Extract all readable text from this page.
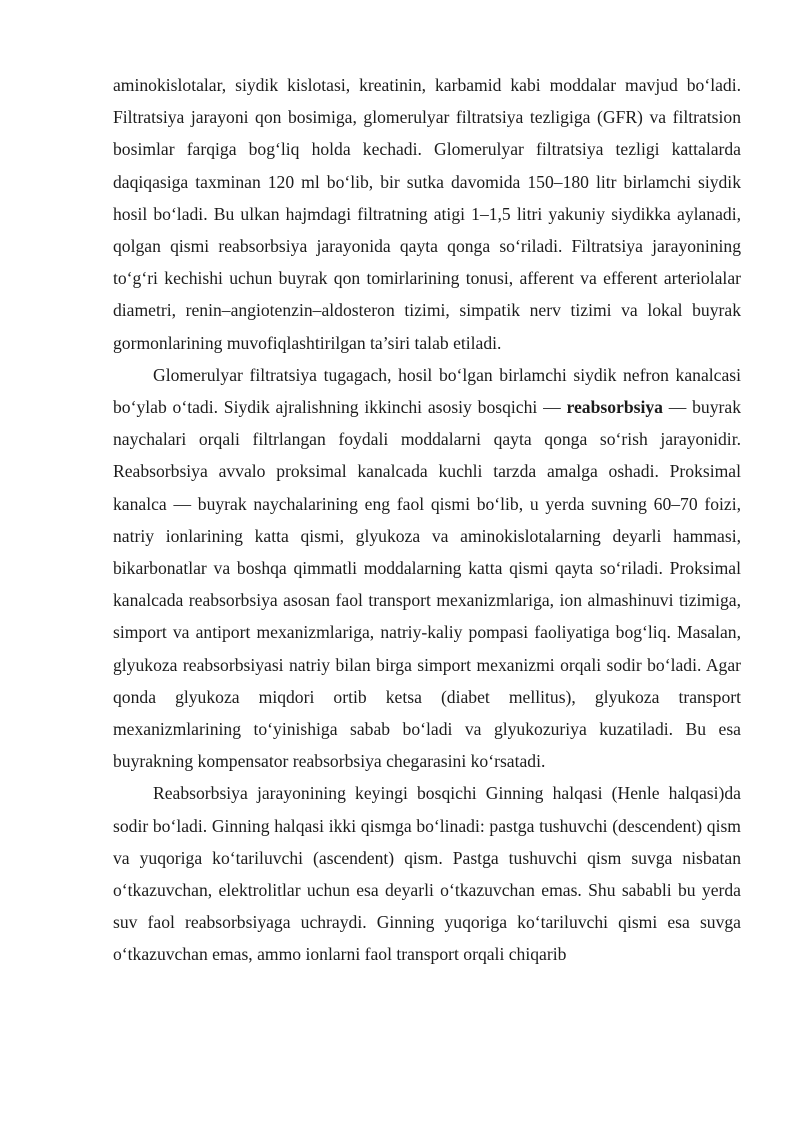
aminokislotalar, siydik kislotasi, kreatinin, karbamid kabi moddalar mavjud bo‘ladi. Filtratsiya jarayoni qon bosimiga, glomerulyar filtratsiya tezligiga (GFR) va filtratsion bosimlar farqiga bog‘liq holda kechadi. Glomerulyar filtratsiya tezligi kattalarda daqiqasiga taxminan 120 ml bo‘lib, bir sutka davomida 150–180 litr birlamchi siydik hosil bo‘ladi. Bu ulkan hajmdagi filtratning atigi 1–1,5 litri yakuniy siydikka aylanadi, qolgan qismi reabsorbsiya jarayonida qayta qonga so‘riladi. Filtratsiya jarayonining to‘g‘ri kechishi uchun buyrak qon tomirlarining tonusi, afferent va efferent arteriolalar diametri, renin–angiotenzin–aldosteron tizimi, simpatik nerv tizimi va lokal buyrak gormonlarining muvofiqlashtirilgan ta’siri talab etiladi.

Glomerulyar filtratsiya tugagach, hosil bo‘lgan birlamchi siydik nefron kanalcasi bo‘ylab o‘tadi. Siydik ajralishning ikkinchi asosiy bosqichi — reabsorbsiya — buyrak naychalari orqali filtrlangan foydali moddalarni qayta qonga so‘rish jarayonidir. Reabsorbsiya avvalo proksimal kanalcada kuchli tarzda amalga oshadi. Proksimal kanalca — buyrak naychalarining eng faol qismi bo‘lib, u yerda suvning 60–70 foizi, natriy ionlarining katta qismi, glyukoza va aminokislotalarning deyarli hammasi, bikarbonatlar va boshqa qimmatli moddalarning katta qismi qayta so‘riladi. Proksimal kanalcada reabsorbsiya asosan faol transport mexanizmlariga, ion almashinuvi tizimiga, simport va antiport mexanizmlariga, natriy-kaliy pompasi faoliyatiga bog‘liq. Masalan, glyukoza reabsorbsiyasi natriy bilan birga simport mexanizmi orqali sodir bo‘ladi. Agar qonda glyukoza miqdori ortib ketsa (diabet mellitus), glyukoza transport mexanizmlarining to‘yinishiga sabab bo‘ladi va glyukozuriya kuzatiladi. Bu esa buyrakning kompensator reabsorbsiya chegarasini ko‘rsatadi.

Reabsorbsiya jarayonining keyingi bosqichi Ginning halqasi (Henle halqasi)da sodir bo‘ladi. Ginning halqasi ikki qismga bo‘linadi: pastga tushuvchi (descendent) qism va yuqoriga ko‘tariluvchi (ascendent) qism. Pastga tushuvchi qism suvga nisbatan o‘tkazuvchan, elektrolitlar uchun esa deyarli o‘tkazuvchan emas. Shu sababli bu yerda suv faol reabsorbsiyaga uchraydi. Ginning yuqoriga ko‘tariluvchi qismi esa suvga o‘tkazuvchan emas, ammo ionlarni faol transport orqali chiqarib
